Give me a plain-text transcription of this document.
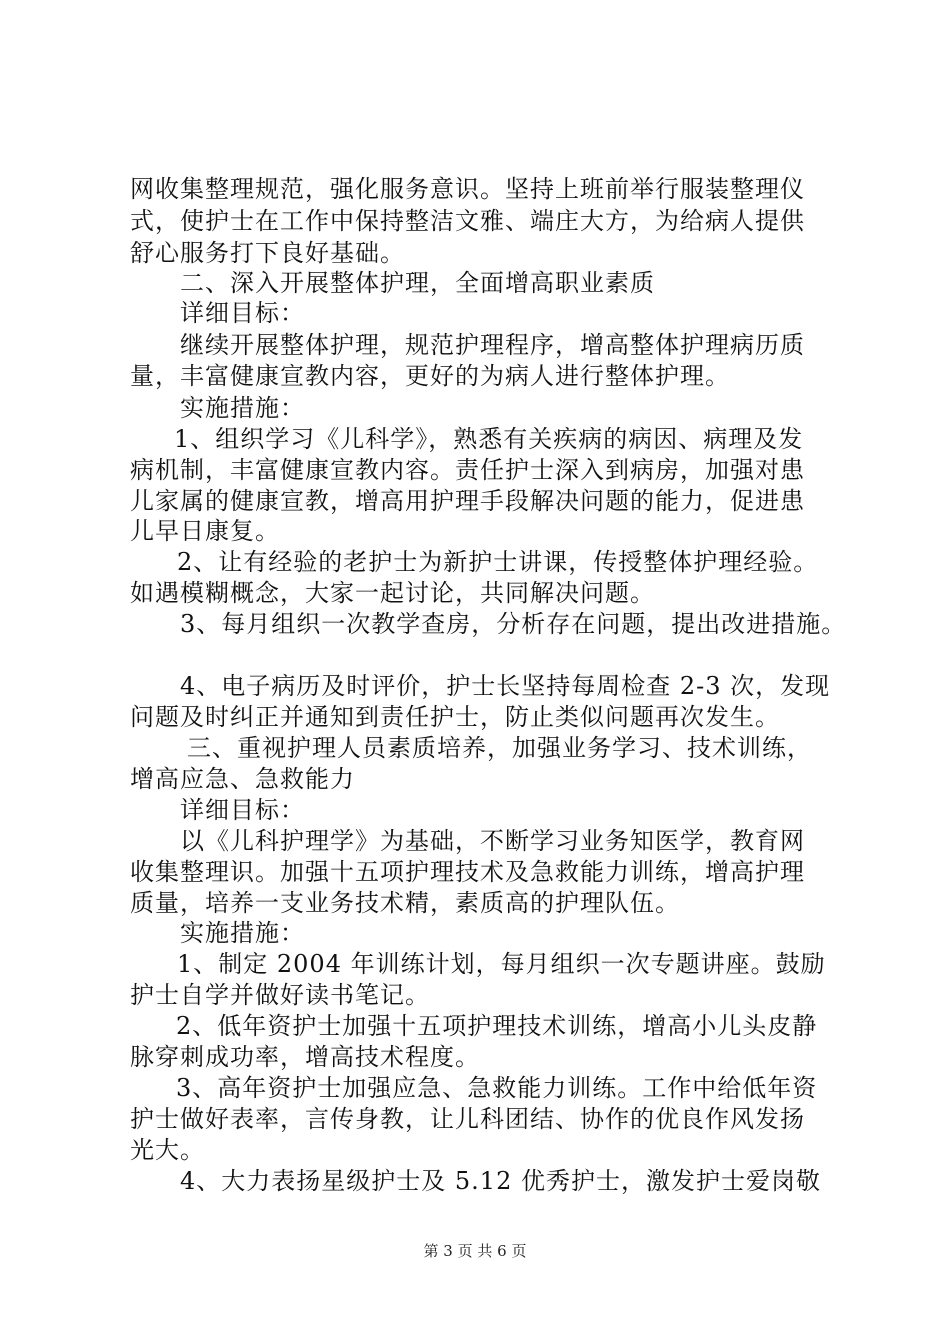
网收集整理规范，强化服务意识。坚持上班前举行服装整理仪
式，使护士在工作中保持整洁文雅、端庄大方，为给病人提供
舒心服务打下良好基础。
二、深入开展整体护理，全面增高职业素质
详细目标：
继续开展整体护理，规范护理程序，增高整体护理病历质
量，丰富健康宣教内容，更好的为病人进行整体护理。
实施措施：
1、组织学习《儿科学》，熟悉有关疾病的病因、病理及发
病机制，丰富健康宣教内容。责任护士深入到病房，加强对患
儿家属的健康宣教，增高用护理手段解决问题的能力，促进患
儿早日康复。
2、让有经验的老护士为新护士讲课，传授整体护理经验。
如遇模糊概念，大家一起讨论，共同解决问题。
3、每月组织一次教学查房，分析存在问题，提出改进措施。
4、电子病历及时评价，护士长坚持每周检查 2-3 次，发现
问题及时纠正并通知到责任护士，防止类似问题再次发生。
三、重视护理人员素质培养，加强业务学习、技术训练，
增高应急、急救能力
详细目标：
以《儿科护理学》为基础，不断学习业务知医学，教育网
收集整理识。加强十五项护理技术及急救能力训练，增高护理
质量，培养一支业务技术精，素质高的护理队伍。
实施措施：
1、制定 2004 年训练计划，每月组织一次专题讲座。鼓励
护士自学并做好读书笔记。
2、低年资护士加强十五项护理技术训练，增高小儿头皮静
脉穿刺成功率，增高技术程度。
3、高年资护士加强应急、急救能力训练。工作中给低年资
护士做好表率，言传身教，让儿科团结、协作的优良作风发扬
光大。
4、大力表扬星级护士及 5.12 优秀护士，激发护士爱岗敬
第 3 页 共 6 页
